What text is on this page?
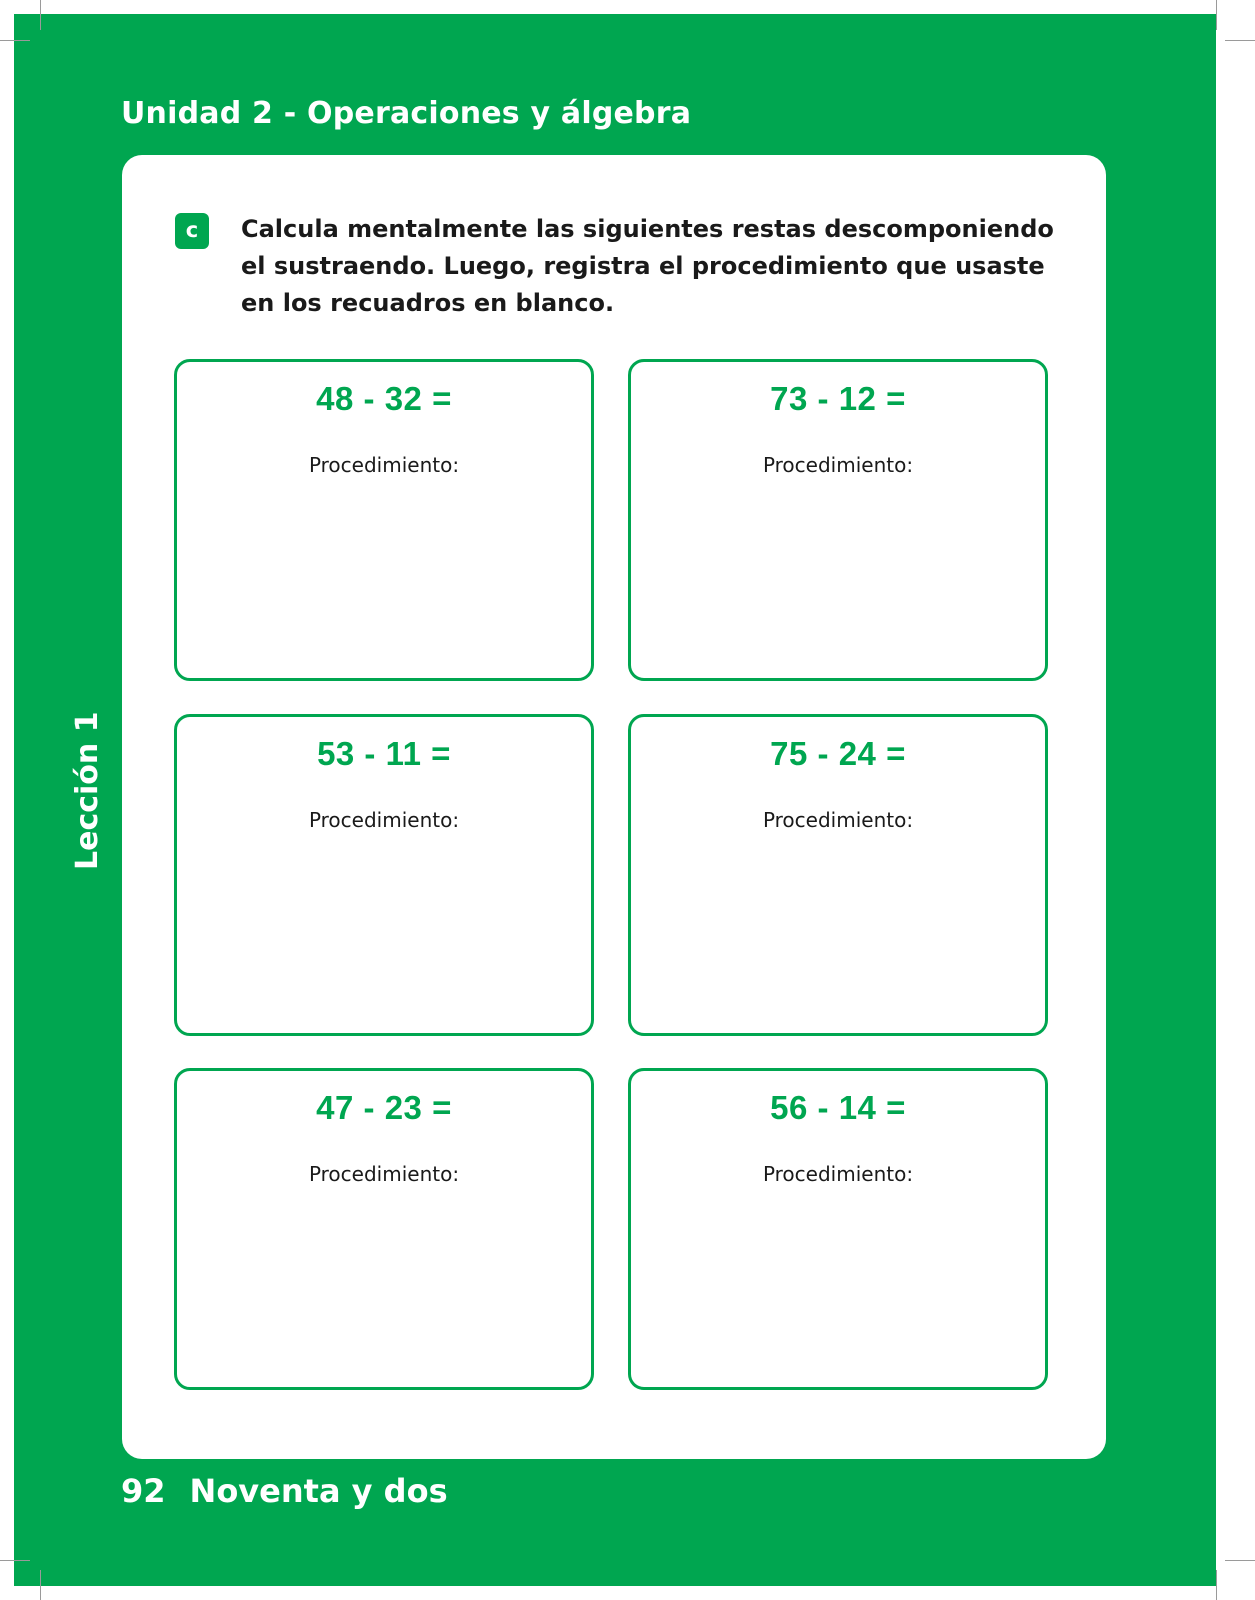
Unidad 2 - Operaciones y álgebra
Lección 1
c	Calcula mentalmente las siguientes restas descomponiendo el sustraendo. Luego, registra el procedimiento que usaste en los recuadros en blanco.
48 - 32 =
Procedimiento:
73 - 12 =
Procedimiento:
53 - 11 =
Procedimiento:
75 - 24 =
Procedimiento:
47 - 23 =
Procedimiento:
56 - 14 =
Procedimiento:
92 Noventa y dos
